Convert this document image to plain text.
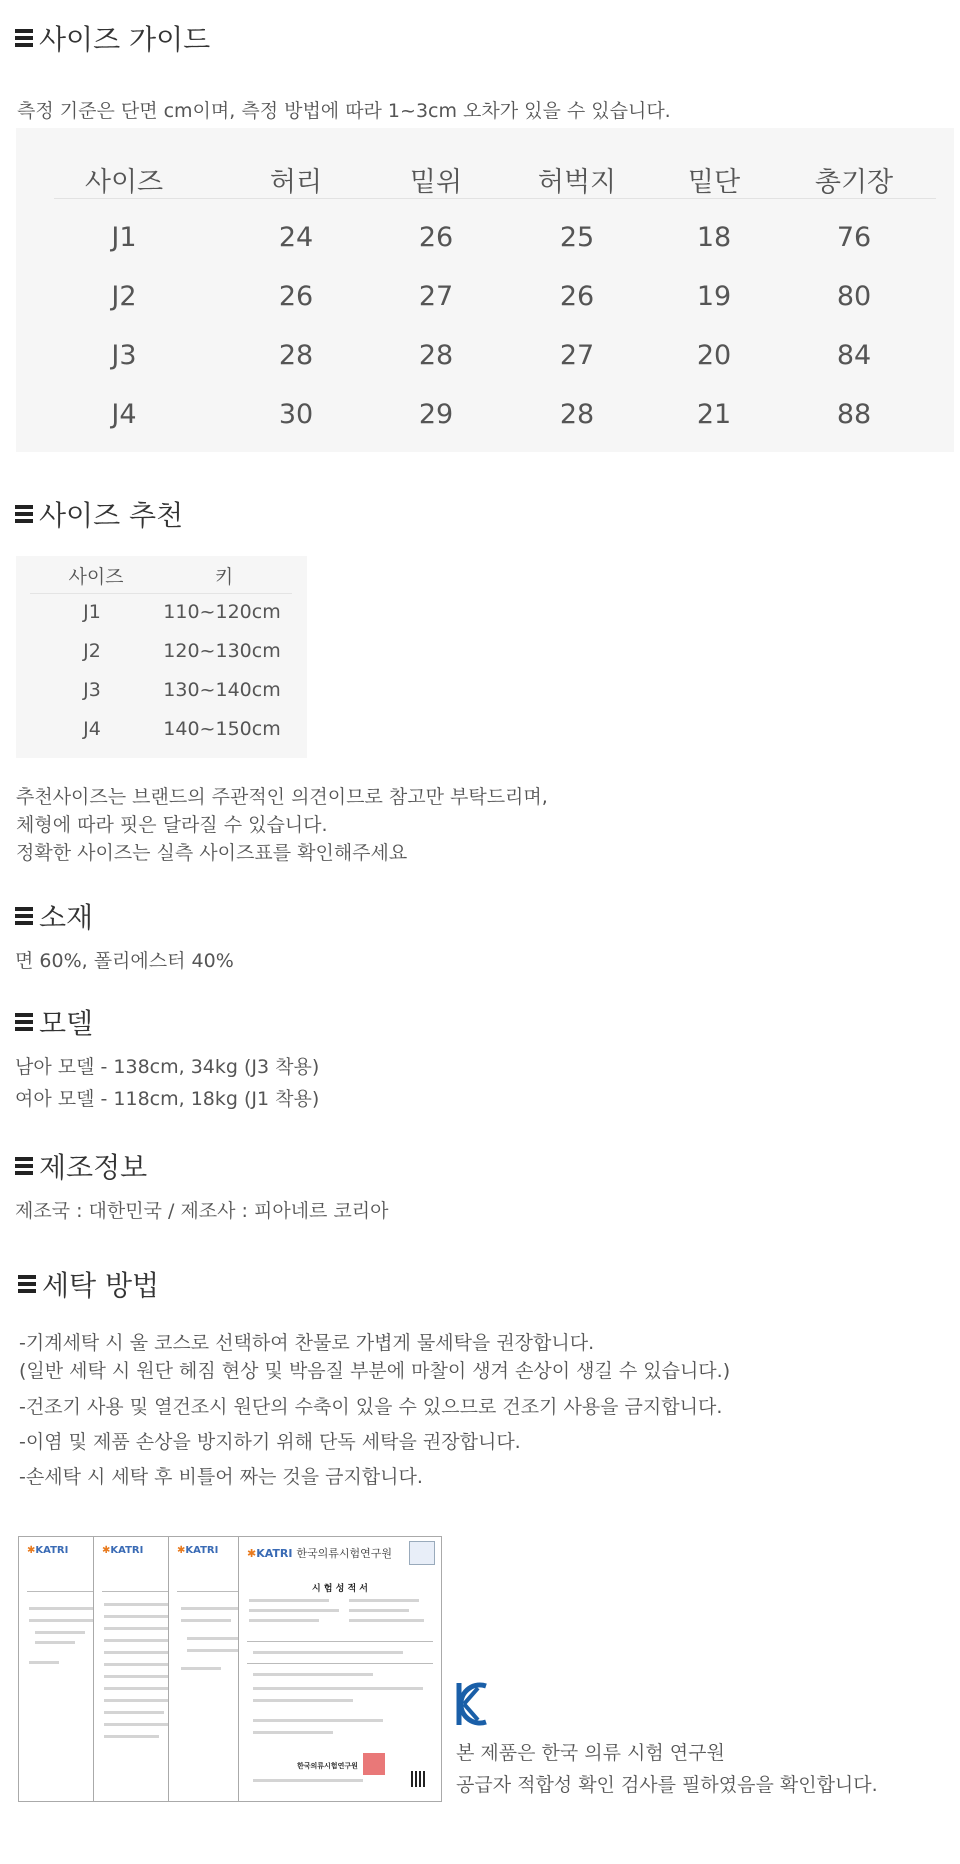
사이즈 가이드
측정 기준은 단면 cm이며, 측정 방법에 따라 1~3cm 오차가 있을 수 있습니다.
사이즈	허리	밑위	허벅지	밑단	총기장
J1	24	26	25	18	76
J2	26	27	26	19	80
J3	28	28	27	20	84
J4	30	29	28	21	88
사이즈 추천
사이즈	키
J1	110~120cm
J2	120~130cm
J3	130~140cm
J4	140~150cm
추천사이즈는 브랜드의 주관적인 의견이므로 참고만 부탁드리며,
체형에 따라 핏은 달라질 수 있습니다.
정확한 사이즈는 실측 사이즈표를 확인해주세요
소재
면 60%, 폴리에스터 40%
모델
남아 모델 - 138cm, 34kg (J3 착용)
여아 모델 - 118cm, 18kg (J1 착용)
제조정보
제조국 : 대한민국 / 제조사 : 피아네르 코리아
세탁 방법
-기계세탁 시 울 코스로 선택하여 찬물로 가볍게 물세탁을 권장합니다.
(일반 세탁 시 원단 헤짐 현상 및 박음질 부분에 마찰이 생겨 손상이 생길 수 있습니다.)
-건조기 사용 및 열건조시 원단의 수축이 있을 수 있으므로 건조기 사용을 금지합니다.
-이염 및 제품 손상을 방지하기 위해 단독 세탁을 권장합니다.
-손세탁 시 세탁 후 비틀어 짜는 것을 금지합니다.
✱KATRI	✱KATRI	✱KATRI	✱KATRI 한국의류시험연구원
시 험 성 적 서
한국의류시험연구원
본 제품은 한국 의류 시험 연구원
공급자 적합성 확인 검사를 필하였음을 확인합니다.
